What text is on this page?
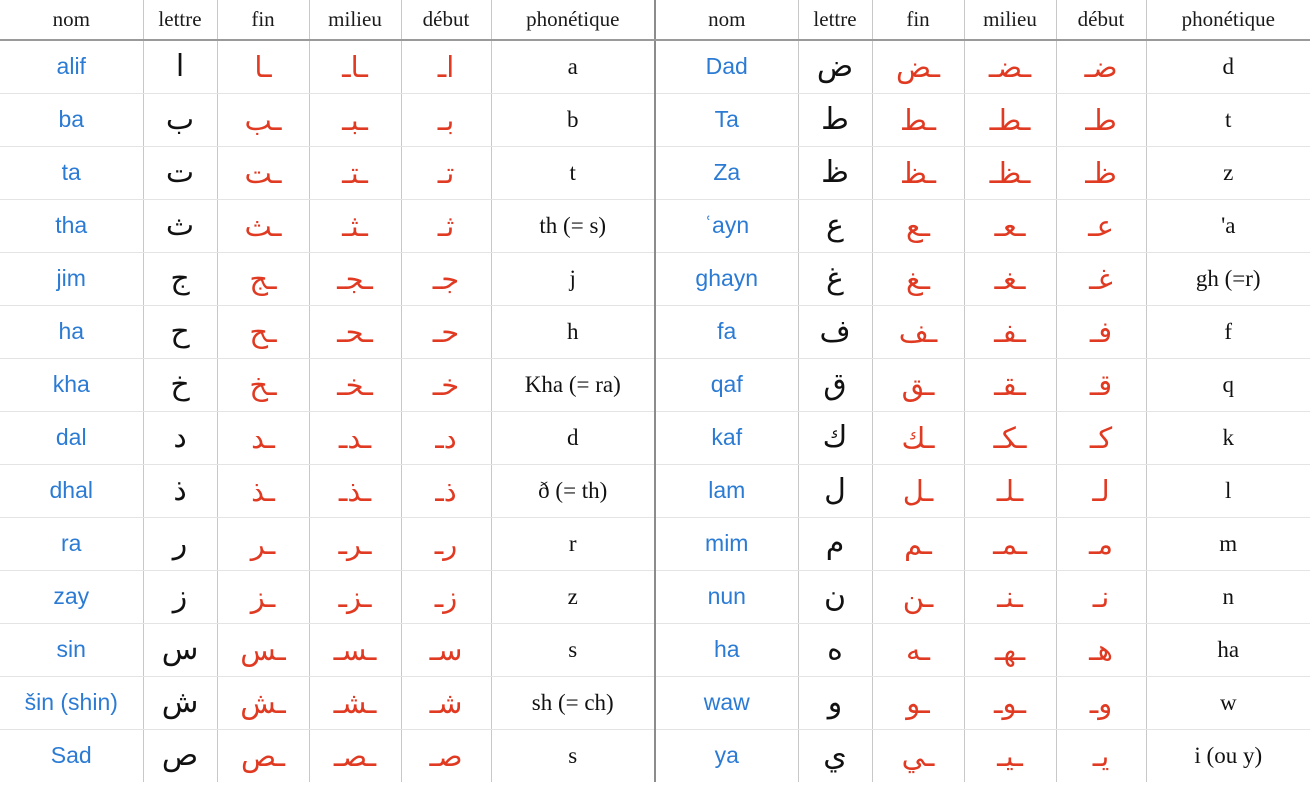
nom	lettre	fin	milieu	début	phonétique	nom	lettre	fin	milieu	début	phonétique
alif	ا	ـا	ـاـ	اـ	a	Dad	ض	ـض	ـضـ	ضـ	d
ba	ب	ـب	ـبـ	بـ	b	Ta	ط	ـط	ـطـ	طـ	t
ta	ت	ـت	ـتـ	تـ	t	Za	ظ	ـظ	ـظـ	ظـ	z
tha	ث	ـث	ـثـ	ثـ	th (= s)	ʿayn	ع	ـع	ـعـ	عـ	'a
jim	ج	ـج	ـجـ	جـ	j	ghayn	غ	ـغ	ـغـ	غـ	gh (=r)
ha	ح	ـح	ـحـ	حـ	h	fa	ف	ـف	ـفـ	فـ	f
kha	خ	ـخ	ـخـ	خـ	Kha (= ra)	qaf	ق	ـق	ـقـ	قـ	q
dal	د	ـد	ـدـ	دـ	d	kaf	ك	ـك	ـكـ	كـ	k
dhal	ذ	ـذ	ـذـ	ذـ	ð (= th)	lam	ل	ـل	ـلـ	لـ	l
ra	ر	ـر	ـرـ	رـ	r	mim	م	ـم	ـمـ	مـ	m
zay	ز	ـز	ـزـ	زـ	z	nun	ن	ـن	ـنـ	نـ	n
sin	س	ـس	ـسـ	سـ	s	ha	ه	ـه	ـهـ	هـ	ha
šin (shin)	ش	ـش	ـشـ	شـ	sh (= ch)	waw	و	ـو	ـوـ	وـ	w
Sad	ص	ـص	ـصـ	صـ	s	ya	ي	ـي	ـيـ	يـ	i (ou y)
